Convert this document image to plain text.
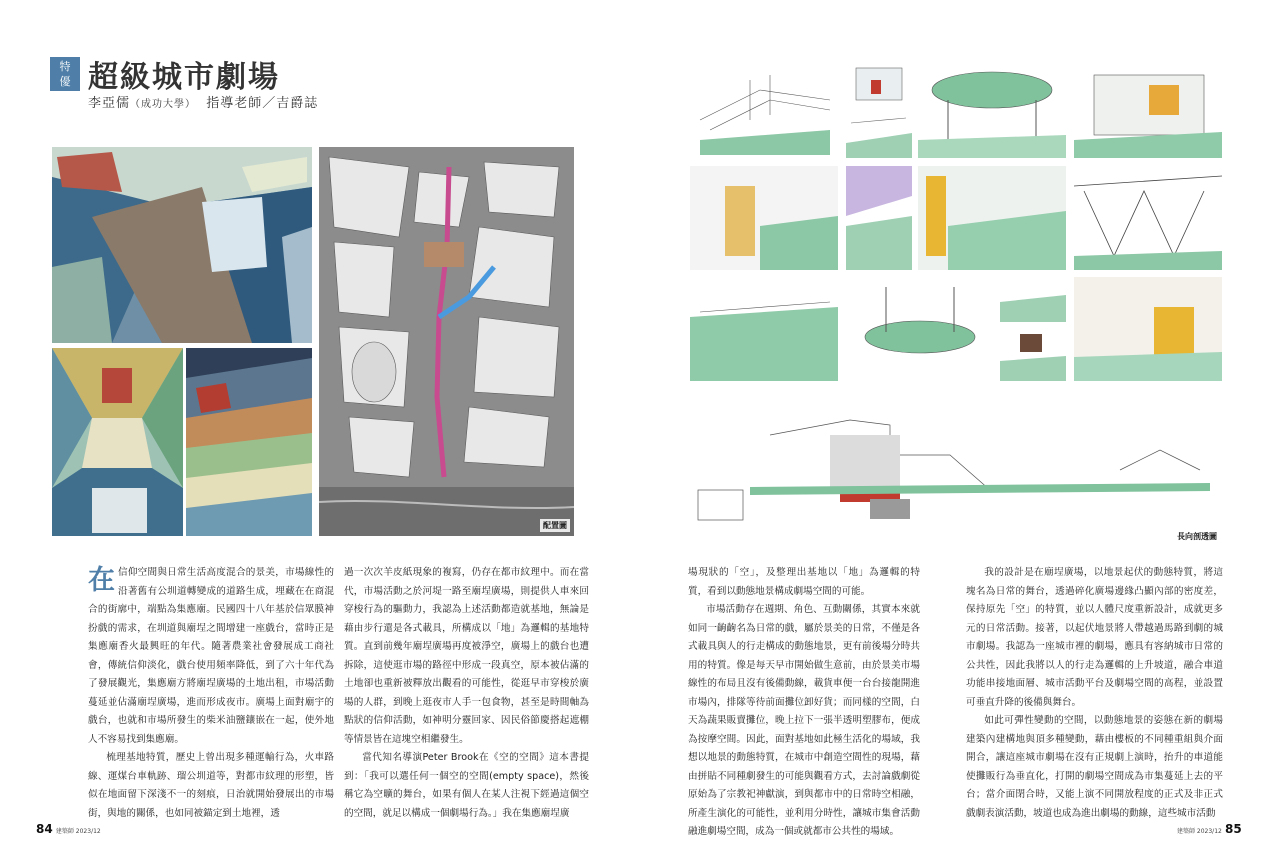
特
優 超級城市劇場
李亞儒（成功大學） 指導老師／吉爵誌
配置圖

在信仰空間與日常生活高度混合的景美，市場線性的沿著舊有公圳道轉變成的道路生成，埋藏在在商混合的街廓中，端點為集應廟。民國四十八年基於信眾膜神扮戲的需求，在圳道與廟埕之間增建一座戲台，當時正是集應廟香火最興旺的年代。隨著農業社會發展成工商社會，傳統信仰淡化，戲台使用頻率降低，到了六十年代為了發展觀光，集應廟方將廟埕廣場的土地出租，市場活動蔓延並佔滿廟埕廣場，進而形成夜市。廣場上面對廟宇的戲台，也就和市場所發生的柴米油鹽鑲嵌在一起，使外地人不容易找到集應廟。

梳理基地特質，歷史上曾出現多種運輸行為，火車路線、運煤台車軌跡、瑠公圳道等，對都市紋理的形塑，皆似在地面留下深淺不一的刻痕，日治就開始發展出的市場街，與地的關係，也如同被錨定到土地裡，透

過一次次羊皮紙現象的複寫，仍存在都市紋理中。而在當代，市場活動之於河堤一路至廟埕廣場，則提供人車來回穿梭行為的驅動力，我認為上述活動都造就基地，無論是藉由步行還是各式載具，所構成以「地」為邏輯的基地特質。直到前幾年廟埕廣場再度被淨空，廣場上的戲台也遭拆除，這使逛市場的路徑中形成一段真空，原本被佔滿的土地卻也重新被釋放出觀看的可能性，從逛早市穿梭於廣場的人群，到晚上逛夜市人手一包食物，甚至是時間軸為點狀的信仰活動，如神明分靈回家、因民俗節慶搭起遮棚等情景皆在這塊空相繼發生。

當代知名導演Peter Brook在《空的空間》這本書提到：「我可以選任何一個空的空間(empty space)，然後稱它為空曠的舞台，如果有個人在某人注視下經過這個空的空間，就足以構成一個劇場行為。」我在集應廟埕廣

長向剖透圖

場現狀的「空」，及整理出基地以「地」為邏輯的特質，看到以動態地景構成劇場空間的可能。

市場活動存在週期、角色、互動關係，其實本來就如同一齣齣名為日常的戲，屬於景美的日常，不僅是各式載具與人的行走構成的動態地景，更有前後場分時共用的特質。像是每天早市開始做生意前，由於景美市場線性的布局且沒有後備動線，載貨車便一台台接龍開進市場內，排隊等待前面攤位卸好貨；而同樣的空間，白天為蔬果販賣攤位，晚上拉下一張半透明塑膠布，便成為按摩空間。因此，面對基地如此極生活化的場域，我想以地景的動態特質，在城市中創造空間性的現場，藉由拼貼不同種劇發生的可能與觀看方式，去討論戲劇從原始為了宗教祀神獻演，到與都市中的日常時空相融，所產生演化的可能性，並利用分時性，讓城市集會活動融進劇場空間，成為一個或就都市公共性的場域。

我的設計是在廟埕廣場，以地景起伏的動態特質，將這塊名為日常的舞台，透過碎化廣場邊緣凸顯內部的密度差，保持原先「空」的特質，並以人體尺度重新設計，成就更多元的日常活動。接著，以起伏地景將人帶越過馬路到劇的城市劇場。我認為一座城市裡的劇場，應具有容納城市日常的公共性，因此我將以人的行走為邏輯的上升坡道，融合車道功能串接地面層、城市活動平台及劇場空間的高程，並設置可垂直升降的後備與舞台。

如此可彈性變動的空間，以動態地景的姿態在新的劇場建築內建構地與頂多種變動，藉由樓板的不同種重組與介面開合，讓這座城市劇場在沒有正規劇上演時，抬升的車道能使攤販行為垂直化，打開的劇場空間成為市集蔓延上去的平台；當介面閉合時，又能上演不同開放程度的正式及非正式戲劇表演活動，坡道也成為進出劇場的動線，這些城市活動

84 建築師 2023/12	建築師 2023/12 85
